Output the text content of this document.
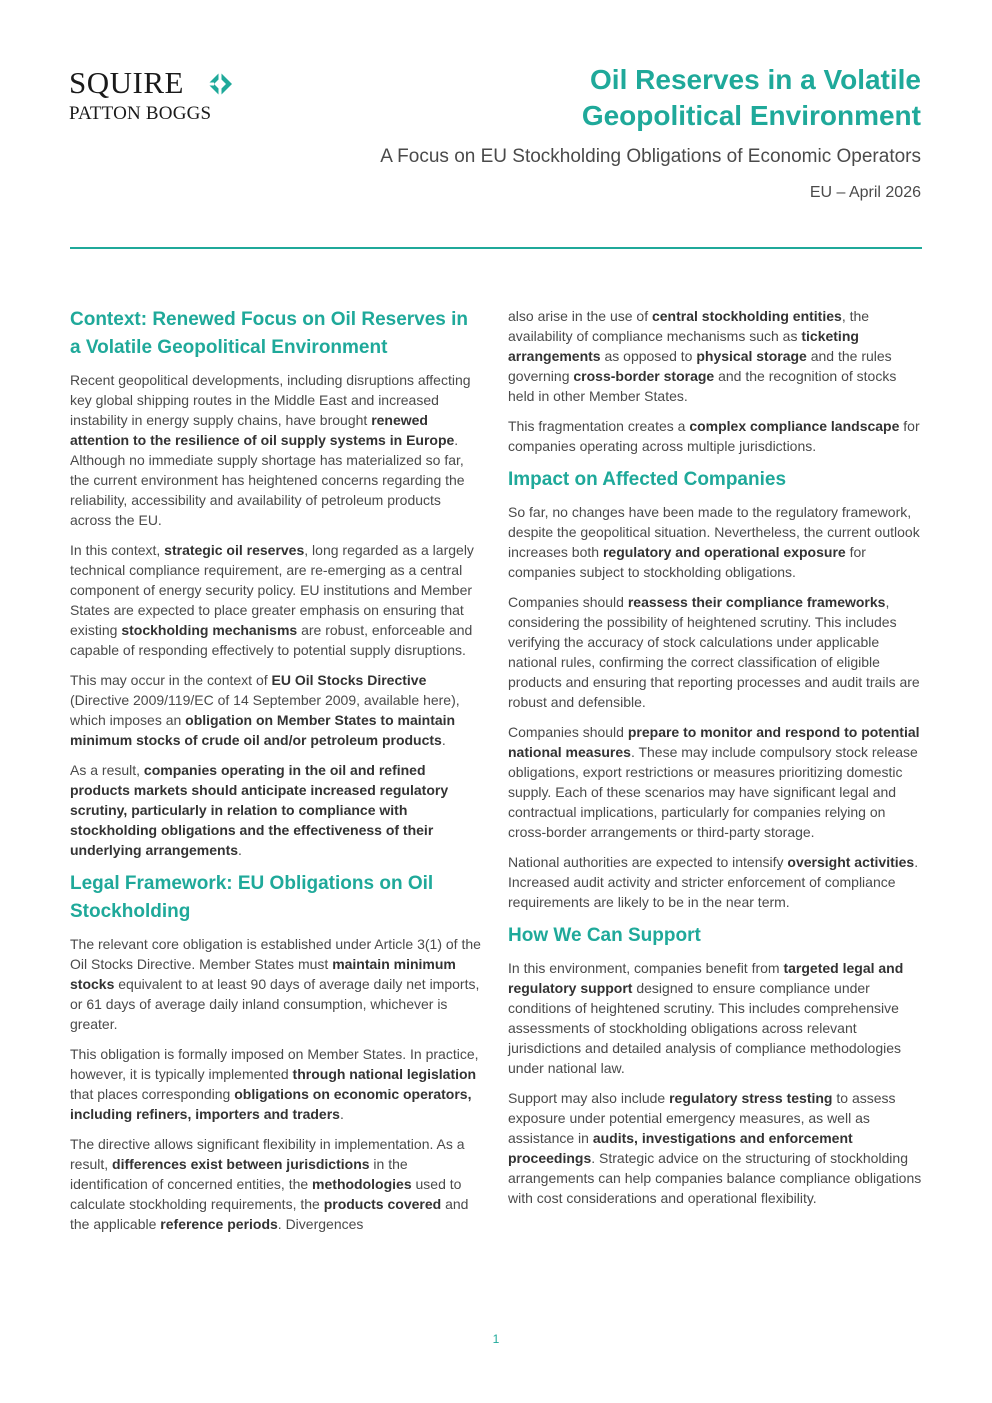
SQUIRE
PATTON BOGGS
Oil Reserves in a Volatile
Geopolitical Environment
A Focus on EU Stockholding Obligations of Economic Operators
EU – April 2026
Context: Renewed Focus on Oil Reserves in
a Volatile Geopolitical Environment

Recent geopolitical developments, including disruptions affecting key global shipping routes in the Middle East and increased instability in energy supply chains, have brought renewed attention to the resilience of oil supply systems in Europe. Although no immediate supply shortage has materialized so far, the current environment has heightened concerns regarding the reliability, accessibility and availability of petroleum products across the EU.

In this context, strategic oil reserves, long regarded as a largely technical compliance requirement, are re-emerging as a central component of energy security policy. EU institutions and Member States are expected to place greater emphasis on ensuring that existing stockholding mechanisms are robust, enforceable and capable of responding effectively to potential supply disruptions.

This may occur in the context of EU Oil Stocks Directive (Directive 2009/119/EC of 14 September 2009, available here), which imposes an obligation on Member States to maintain minimum stocks of crude oil and/or petroleum products.

As a result, companies operating in the oil and refined products markets should anticipate increased regulatory scrutiny, particularly in relation to compliance with stockholding obligations and the effectiveness of their underlying arrangements.

Legal Framework: EU Obligations on Oil
Stockholding

The relevant core obligation is established under Article 3(1) of the Oil Stocks Directive. Member States must maintain minimum stocks equivalent to at least 90 days of average daily net imports, or 61 days of average daily inland consumption, whichever is greater.

This obligation is formally imposed on Member States. In practice, however, it is typically implemented through national legislation that places corresponding obligations on economic operators, including refiners, importers and traders.

The directive allows significant flexibility in implementation. As a result, differences exist between jurisdictions in the identification of concerned entities, the methodologies used to calculate stockholding requirements, the products covered and the applicable reference periods. Divergences

also arise in the use of central stockholding entities, the availability of compliance mechanisms such as ticketing arrangements as opposed to physical storage and the rules governing cross-border storage and the recognition of stocks held in other Member States.

This fragmentation creates a complex compliance landscape for companies operating across multiple jurisdictions.

Impact on Affected Companies

So far, no changes have been made to the regulatory framework, despite the geopolitical situation. Nevertheless, the current outlook increases both regulatory and operational exposure for companies subject to stockholding obligations.

Companies should reassess their compliance frameworks, considering the possibility of heightened scrutiny. This includes verifying the accuracy of stock calculations under applicable national rules, confirming the correct classification of eligible products and ensuring that reporting processes and audit trails are robust and defensible.

Companies should prepare to monitor and respond to potential national measures. These may include compulsory stock release obligations, export restrictions or measures prioritizing domestic supply. Each of these scenarios may have significant legal and contractual implications, particularly for companies relying on cross-border arrangements or third-party storage.

National authorities are expected to intensify oversight activities. Increased audit activity and stricter enforcement of compliance requirements are likely to be in the near term.

How We Can Support

In this environment, companies benefit from targeted legal and regulatory support designed to ensure compliance under conditions of heightened scrutiny. This includes comprehensive assessments of stockholding obligations across relevant jurisdictions and detailed analysis of compliance methodologies under national law.

Support may also include regulatory stress testing to assess exposure under potential emergency measures, as well as assistance in audits, investigations and enforcement proceedings. Strategic advice on the structuring of stockholding arrangements can help companies balance compliance obligations with cost considerations and operational flexibility.

1
